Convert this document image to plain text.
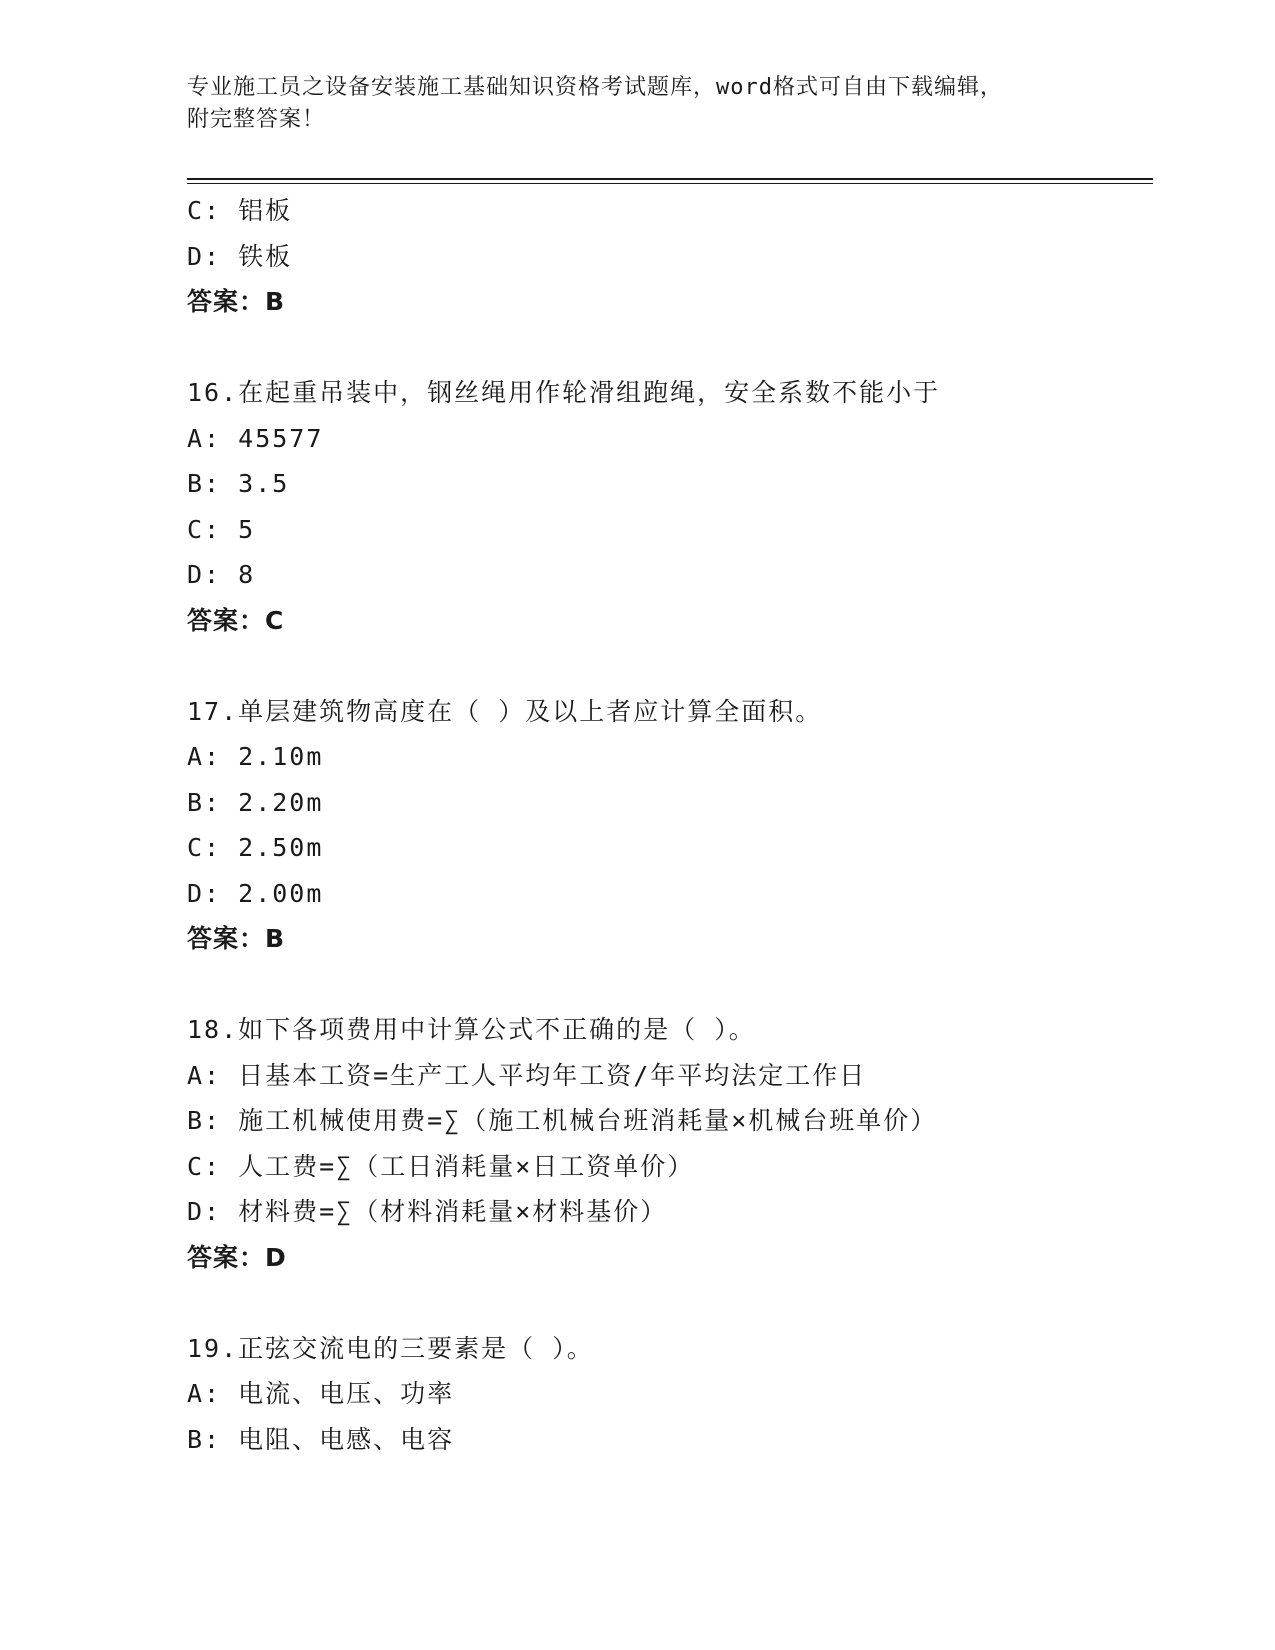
专业施工员之设备安装施工基础知识资格考试题库，word格式可自由下载编辑，
附完整答案！
C: 铝板
D: 铁板
答案：B
16.在起重吊装中，钢丝绳用作轮滑组跑绳，安全系数不能小于
A: 45577
B: 3.5
C: 5
D: 8
答案：C
17.单层建筑物高度在（ ）及以上者应计算全面积。
A: 2.10m
B: 2.20m
C: 2.50m
D: 2.00m
答案：B
18.如下各项费用中计算公式不正确的是（ ）。
A: 日基本工资=生产工人平均年工资/年平均法定工作日
B: 施工机械使用费=∑（施工机械台班消耗量×机械台班单价）
C: 人工费=∑（工日消耗量×日工资单价）
D: 材料费=∑（材料消耗量×材料基价）
答案：D
19.正弦交流电的三要素是（ ）。
A: 电流、电压、功率
B: 电阻、电感、电容
